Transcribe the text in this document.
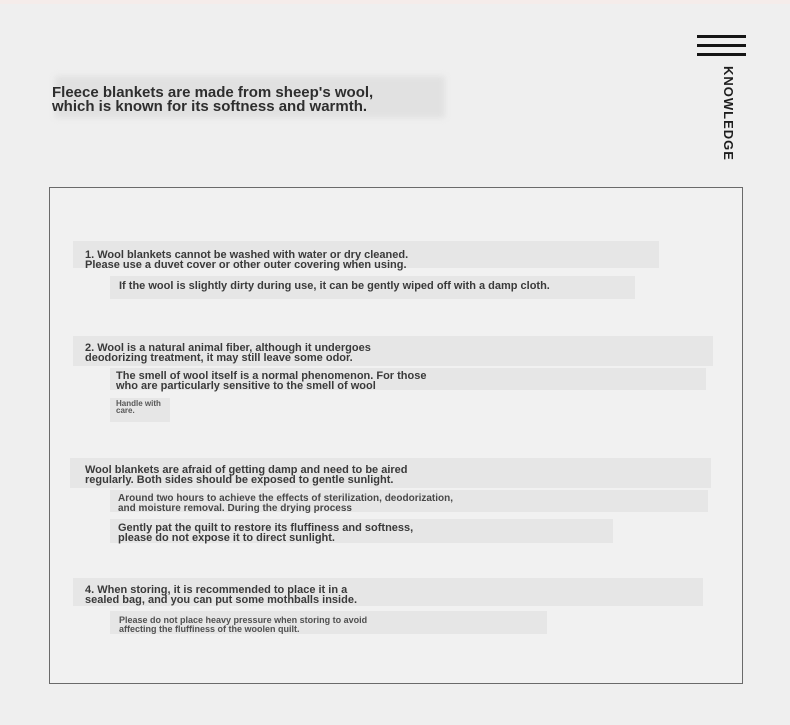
KNOWLEDGE
Fleece blankets are made from sheep's wool,
which is known for its softness and warmth.
1. Wool blankets cannot be washed with water or dry cleaned.
Please use a duvet cover or other outer covering when using.
If the wool is slightly dirty during use, it can be gently wiped off with a damp cloth.
2. Wool is a natural animal fiber, although it undergoes
deodorizing treatment, it may still leave some odor.
The smell of wool itself is a normal phenomenon. For those
who are particularly sensitive to the smell of wool
Handle with
care.
Wool blankets are afraid of getting damp and need to be aired
regularly. Both sides should be exposed to gentle sunlight.
Around two hours to achieve the effects of sterilization, deodorization,
and moisture removal. During the drying process
Gently pat the quilt to restore its fluffiness and softness,
please do not expose it to direct sunlight.
4. When storing, it is recommended to place it in a
sealed bag, and you can put some mothballs inside.
Please do not place heavy pressure when storing to avoid
affecting the fluffiness of the woolen quilt.
